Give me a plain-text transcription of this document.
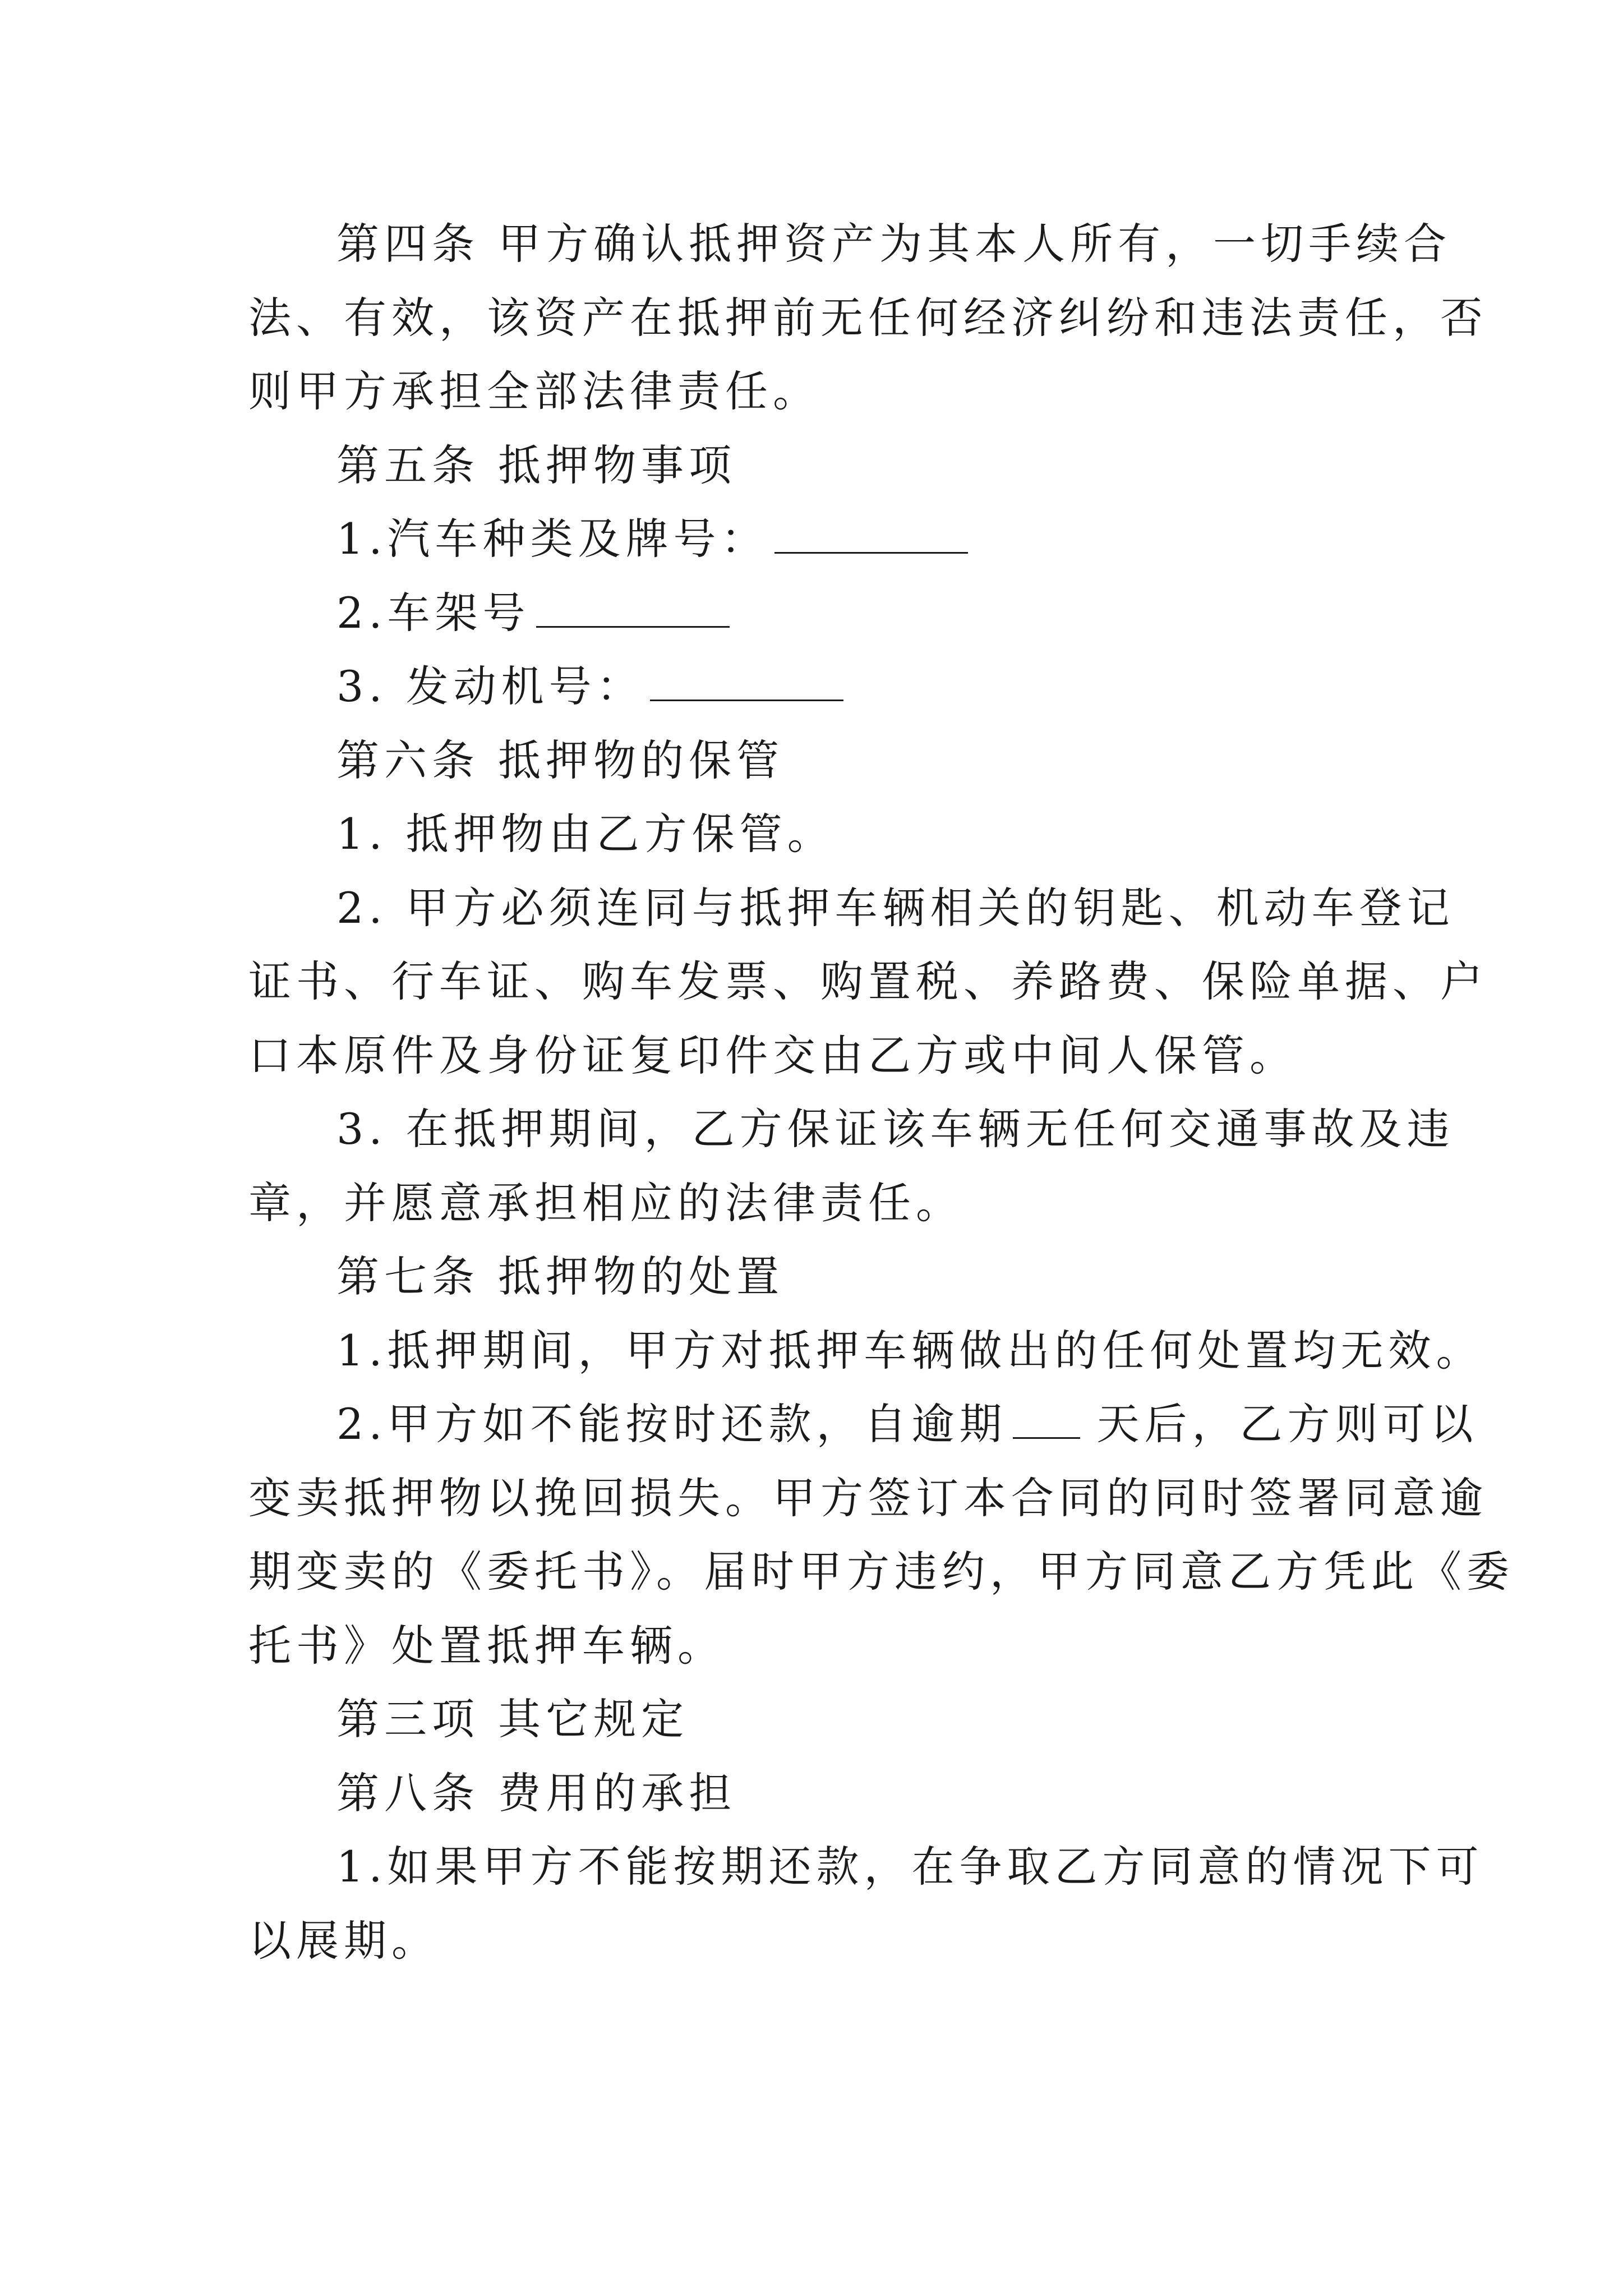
第四条 甲方确认抵押资产为其本人所有，一切手续合
法、有效，该资产在抵押前无任何经济纠纷和违法责任，否
则甲方承担全部法律责任。
第五条 抵押物事项
1.汽车种类及牌号：
2.车架号
3. 发动机号：
第六条 抵押物的保管
1. 抵押物由乙方保管。
2. 甲方必须连同与抵押车辆相关的钥匙、机动车登记
证书、行车证、购车发票、购置税、养路费、保险单据、户
口本原件及身份证复印件交由乙方或中间人保管。
3. 在抵押期间，乙方保证该车辆无任何交通事故及违
章，并愿意承担相应的法律责任。
第七条 抵押物的处置
1.抵押期间，甲方对抵押车辆做出的任何处置均无效。
2.甲方如不能按时还款，自逾期 天后，乙方则可以
变卖抵押物以挽回损失。甲方签订本合同的同时签署同意逾
期变卖的《委托书》。届时甲方违约，甲方同意乙方凭此《委
托书》处置抵押车辆。
第三项 其它规定
第八条 费用的承担
1.如果甲方不能按期还款，在争取乙方同意的情况下可
以展期。
